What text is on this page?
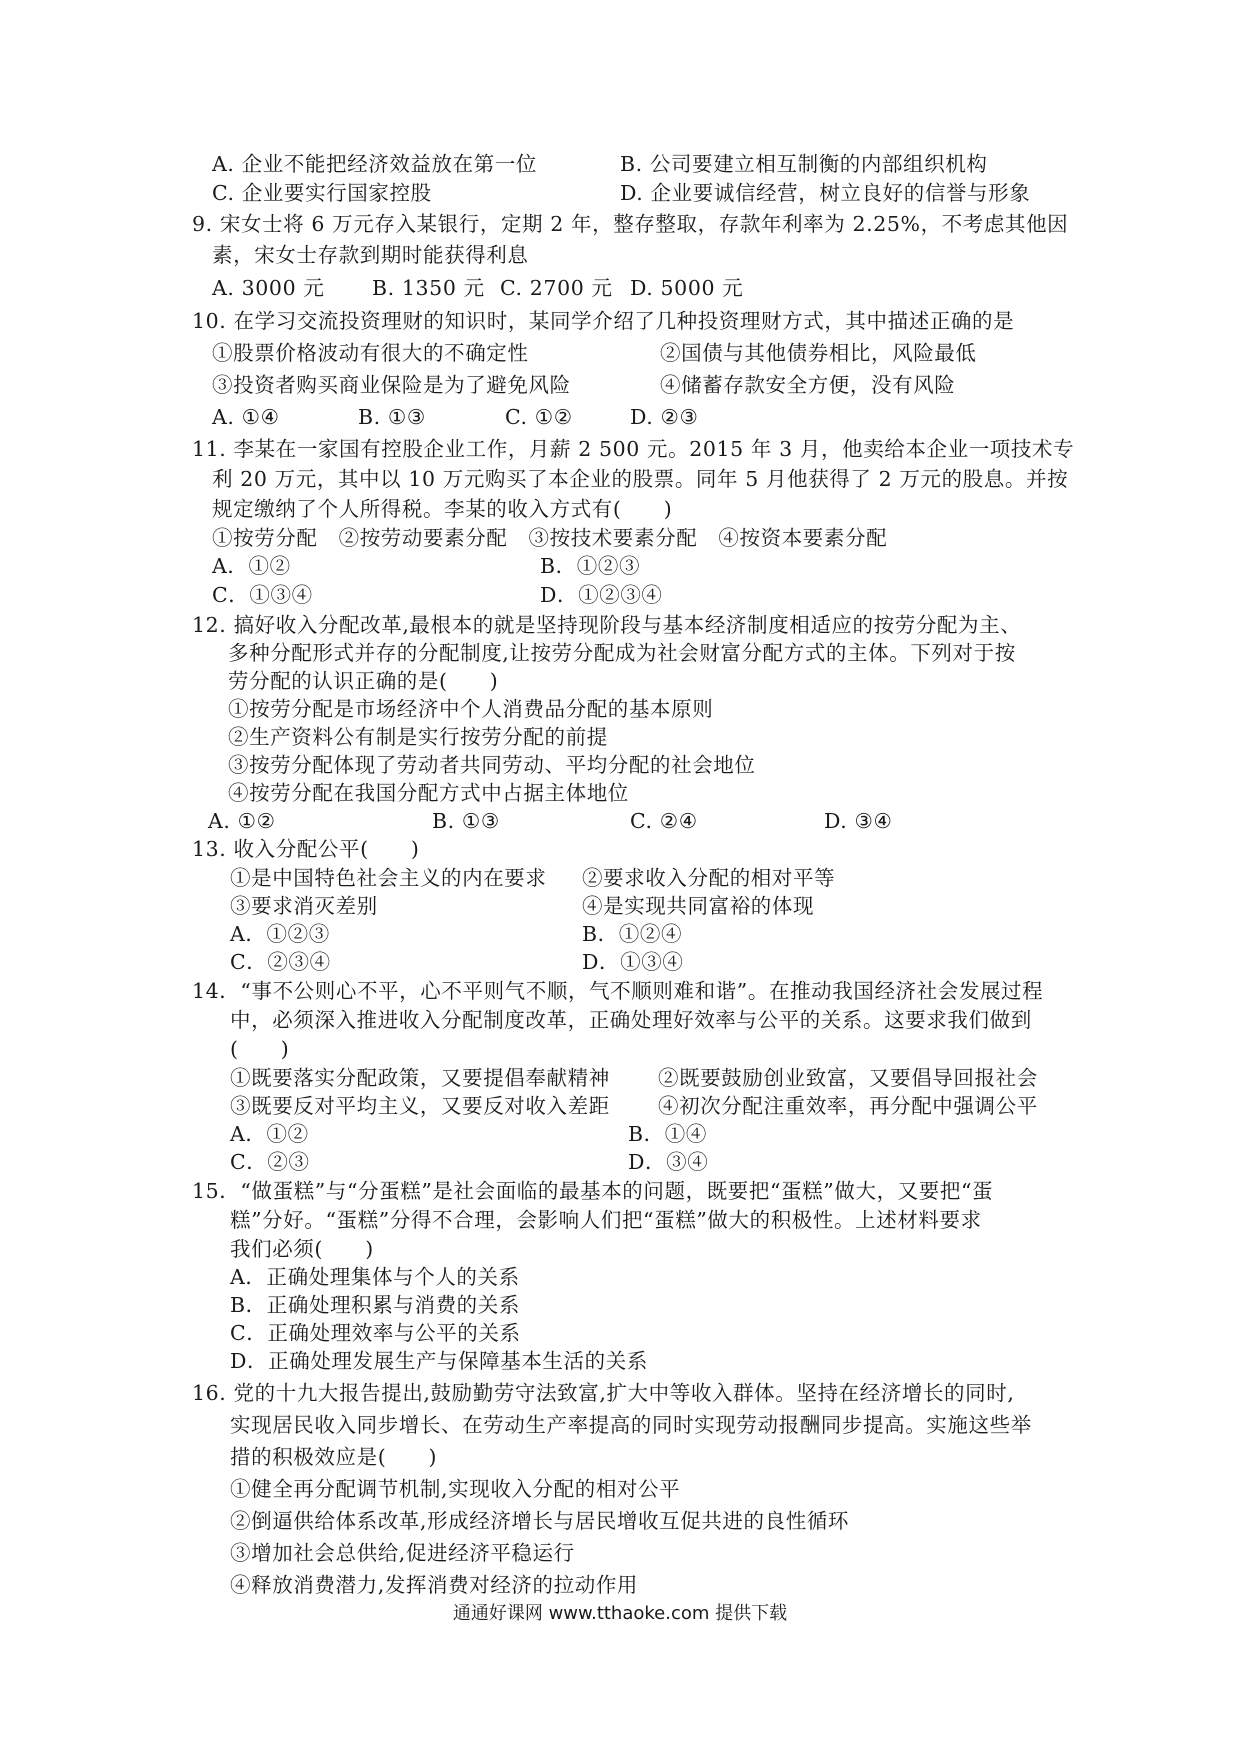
A. 企业不能把经济效益放在第一位	B. 公司要建立相互制衡的内部组织机构
C. 企业要实行国家控股	D. 企业要诚信经营，树立良好的信誉与形象
9. 宋女士将 6 万元存入某银行，定期 2 年，整存整取，存款年利率为 2.25%，不考虑其他因
素，宋女士存款到期时能获得利息
A. 3000 元 B. 1350 元 C. 2700 元 D. 5000 元
10. 在学习交流投资理财的知识时，某同学介绍了几种投资理财方式，其中描述正确的是
①股票价格波动有很大的不确定性	②国债与其他债券相比，风险最低
③投资者购买商业保险是为了避免风险	④储蓄存款安全方便，没有风险
A. ①④	B. ①③	C. ①②	D. ②③
11. 李某在一家国有控股企业工作，月薪 2 500 元。2015 年 3 月，他卖给本企业一项技术专
利 20 万元，其中以 10 万元购买了本企业的股票。同年 5 月他获得了 2 万元的股息。并按
规定缴纳了个人所得税。李某的收入方式有(　　)
①按劳分配　②按劳动要素分配　③按技术要素分配　④按资本要素分配
A．①②	B．①②③
C．①③④	D．①②③④
12. 搞好收入分配改革,最根本的就是坚持现阶段与基本经济制度相适应的按劳分配为主、
多种分配形式并存的分配制度,让按劳分配成为社会财富分配方式的主体。下列对于按
劳分配的认识正确的是(　　)
①按劳分配是市场经济中个人消费品分配的基本原则
②生产资料公有制是实行按劳分配的前提
③按劳分配体现了劳动者共同劳动、平均分配的社会地位
④按劳分配在我国分配方式中占据主体地位
A. ①②	B. ①③	C. ②④	D. ③④
13. 收入分配公平(　　)
①是中国特色社会主义的内在要求 ②要求收入分配的相对平等
③要求消灭差别	④是实现共同富裕的体现
A．①②③	B．①②④
C．②③④	D．①③④
14．“事不公则心不平，心不平则气不顺，气不顺则难和谐”。在推动我国经济社会发展过程
中，必须深入推进收入分配制度改革，正确处理好效率与公平的关系。这要求我们做到
(　　)
①既要落实分配政策，又要提倡奉献精神 ②既要鼓励创业致富，又要倡导回报社会
③既要反对平均主义，又要反对收入差距 ④初次分配注重效率，再分配中强调公平
A．①②	B．①④
C．②③	D．③④
15．“做蛋糕”与“分蛋糕”是社会面临的最基本的问题，既要把“蛋糕”做大，又要把“蛋
糕”分好。“蛋糕”分得不合理，会影响人们把“蛋糕”做大的积极性。上述材料要求
我们必须(　　)
A．正确处理集体与个人的关系
B．正确处理积累与消费的关系
C．正确处理效率与公平的关系
D．正确处理发展生产与保障基本生活的关系
16. 党的十九大报告提出,鼓励勤劳守法致富,扩大中等收入群体。坚持在经济增长的同时,
实现居民收入同步增长、在劳动生产率提高的同时实现劳动报酬同步提高。实施这些举
措的积极效应是(　　)
①健全再分配调节机制,实现收入分配的相对公平
②倒逼供给体系改革,形成经济增长与居民增收互促共进的良性循环
③增加社会总供给,促进经济平稳运行
④释放消费潜力,发挥消费对经济的拉动作用
通通好课网 www.tthaoke.com 提供下载
